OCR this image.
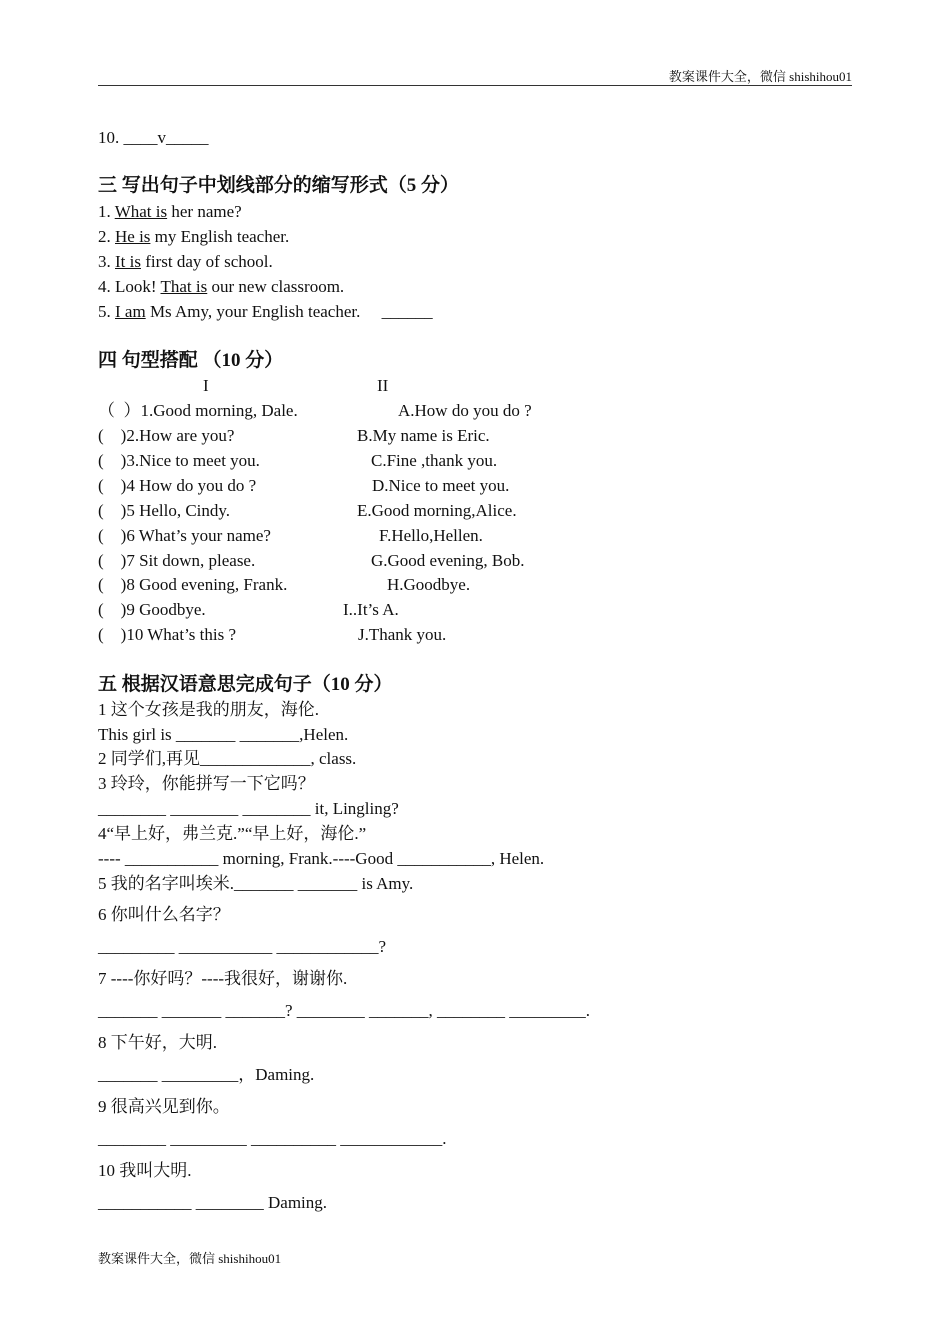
教案课件大全，微信 shishihou01
10. ____v_____
三 写出句子中划线部分的缩写形式（5 分）
1. What is her name?
2. He is my English teacher.
3. It is first day of school.
4. Look! That is our new classroom.
5. I am Ms Amy, your English teacher.     ______
四 句型搭配 （10 分）
I	II
（  ）1.Good morning, Dale.
(    )2.How are you?
(    )3.Nice to meet you.
(    )4 How do you do ?
(    )5 Hello, Cindy.
(    )6 What’s your name?
(    )7 Sit down, please.
(    )8 Good evening, Frank.
(    )9 Goodbye.
(    )10 What’s this ?
A.How do you do ?
B.My name is Eric.
C.Fine ,thank you.
D.Nice to meet you.
E.Good morning,Alice.
F.Hello,Hellen.
G.Good evening, Bob.
H.Goodbye.
I..It’s A.
J.Thank you.
五 根据汉语意思完成句子（10 分）
1 这个女孩是我的朋友，海伦.
This girl is _______ _______,Helen.
2 同学们,再见_____________, class.
3 玲玲，你能拼写一下它吗？
________ ________ ________ it, Lingling?
4“早上好，弗兰克.”“早上好，海伦.”
---- ___________ morning, Frank.----Good ___________, Helen.
5 我的名字叫埃米._______ _______ is Amy.
6 你叫什么名字？
_________ ___________ ____________?
7 ----你好吗？----我很好，谢谢你.
_______ _______ _______? ________ _______, ________ _________.
8 下午好，大明.
_______ _________，Daming.
9 很高兴见到你。
________ _________ __________ ____________.
10 我叫大明.
___________ ________ Daming.
教案课件大全，微信 shishihou01
